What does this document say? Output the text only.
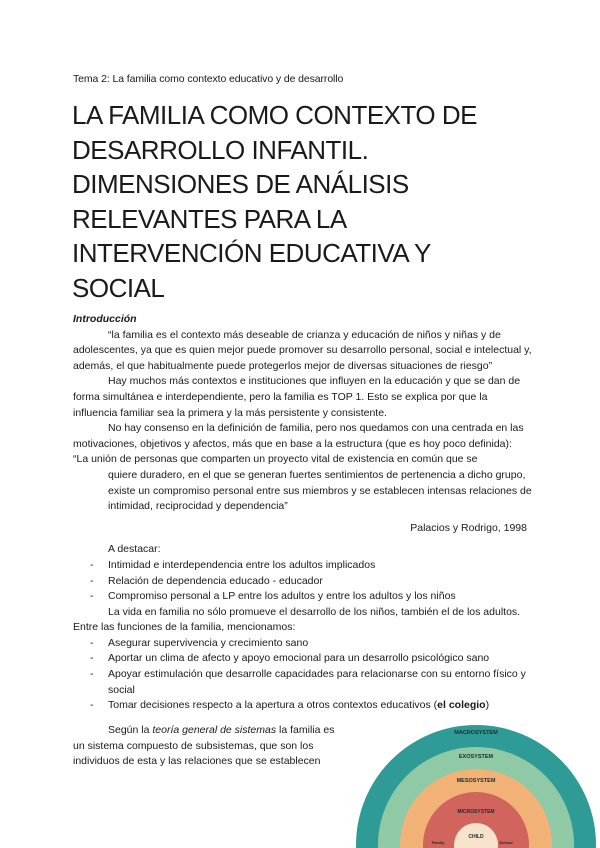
Tema 2: La familia como contexto educativo y de desarrollo
LA FAMILIA COMO CONTEXTO DE
DESARROLLO INFANTIL.
DIMENSIONES DE ANÁLISIS
RELEVANTES PARA LA
INTERVENCIÓN EDUCATIVA Y
SOCIAL

Introducción

“la familia es el contexto más deseable de crianza y educación de niños y niñas y de adolescentes, ya que es quien mejor puede promover su desarrollo personal, social e intelectual y, además, el que habitualmente puede protegerlos mejor de diversas situaciones de riesgo”

Hay muchos más contextos e instituciones que influyen en la educación y que se dan de forma simultánea e interdependiente, pero la familia es TOP 1. Esto se explica por que la influencia familiar sea la primera y la más persistente y consistente.

No hay consenso en la definición de familia, pero nos quedamos con una centrada en las motivaciones, objetivos y afectos, más que en base a la estructura (que es hoy poco definida):

“La unión de personas que comparten un proyecto vital de existencia en común que se

quiere duradero, en el que se generan fuertes sentimientos de pertenencia a dicho grupo, existe un compromiso personal entre sus miembros y se establecen intensas relaciones de intimidad, reciprocidad y dependencia”

Palacios y Rodrigo, 1998

A destacar:

- Intimidad e interdependencia entre los adultos implicados
- Relación de dependencia educado - educador
- Compromiso personal a LP entre los adultos y entre los adultos y los niños

La vida en familia no sólo promueve el desarrollo de los niños, también el de los adultos. Entre las funciones de la familia, mencionamos:

- Asegurar supervivencia y crecimiento sano
- Aportar un clima de afecto y apoyo emocional para un desarrollo psicológico sano
- Apoyar estimulación que desarrolle capacidades para relacionarse con su entorno físico y social
- Tomar decisiones respecto a la apertura a otros contextos educativos (el colegio)

Según la teoría general de sistemas la familia es un sistema compuesto de subsistemas, que son los individuos de esta y las relaciones que se establecen

MACROSYSTEM
EXOSYSTEM
MESOSYSTEM
MICROSYSTEM
CHILD
Family	School
